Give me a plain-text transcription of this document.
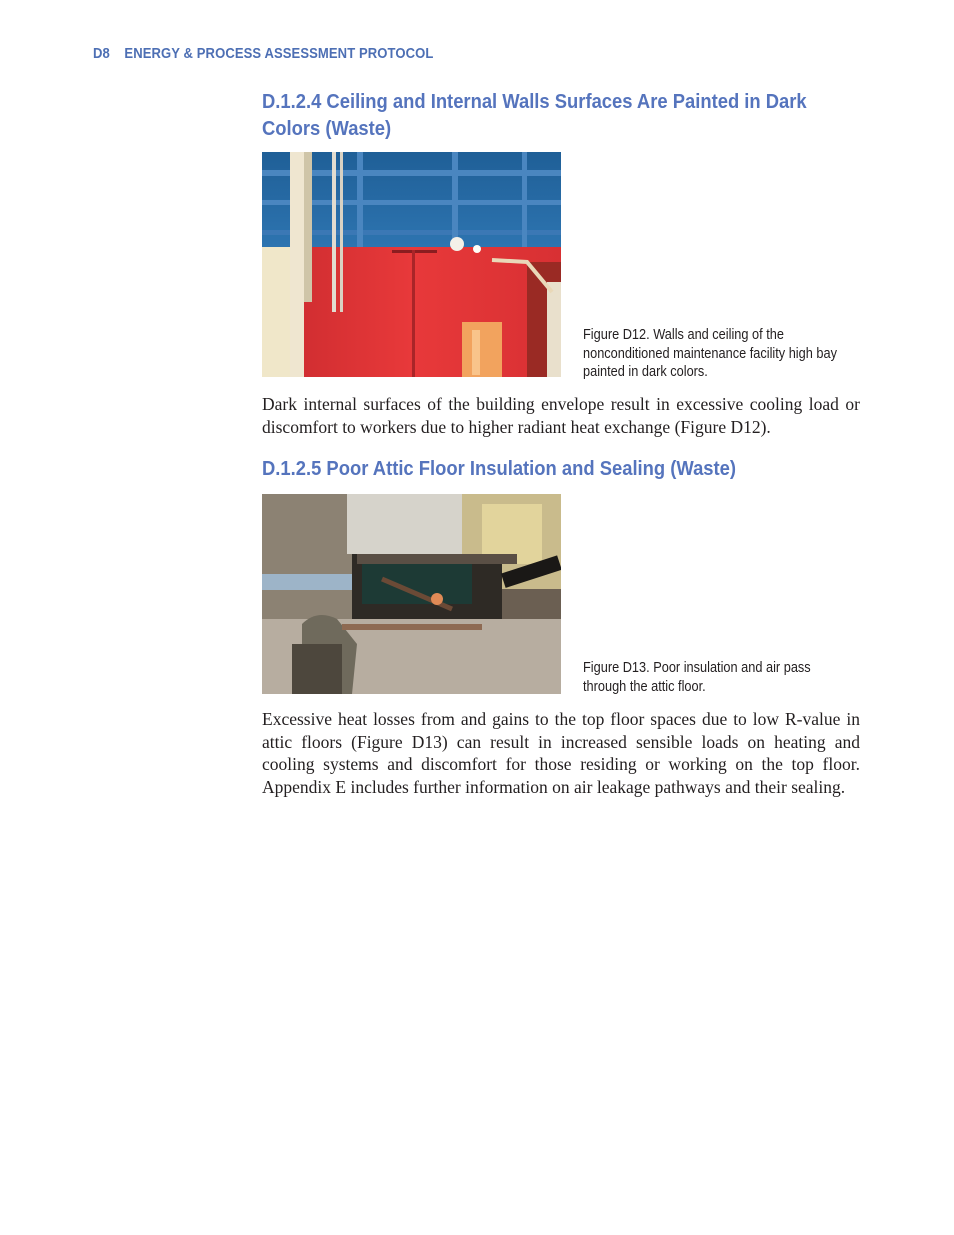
D8 ENERGY & PROCESS ASSESSMENT PROTOCOL
D.1.2.4 Ceiling and Internal Walls Surfaces Are Painted in Dark Colors (Waste)
Figure D12. Walls and ceiling of the nonconditioned maintenance facility high bay painted in dark colors.

Dark internal surfaces of the building envelope result in excessive cooling load or discomfort to workers due to higher radiant heat exchange (Figure D12).

D.1.2.5 Poor Attic Floor Insulation and Sealing (Waste)
Figure D13. Poor insulation and air pass through the attic floor.

Excessive heat losses from and gains to the top floor spaces due to low R-value in attic floors (Figure D13) can result in increased sensible loads on heating and cooling systems and discomfort for those residing or working on the top floor. Appendix E includes further information on air leakage pathways and their sealing.
